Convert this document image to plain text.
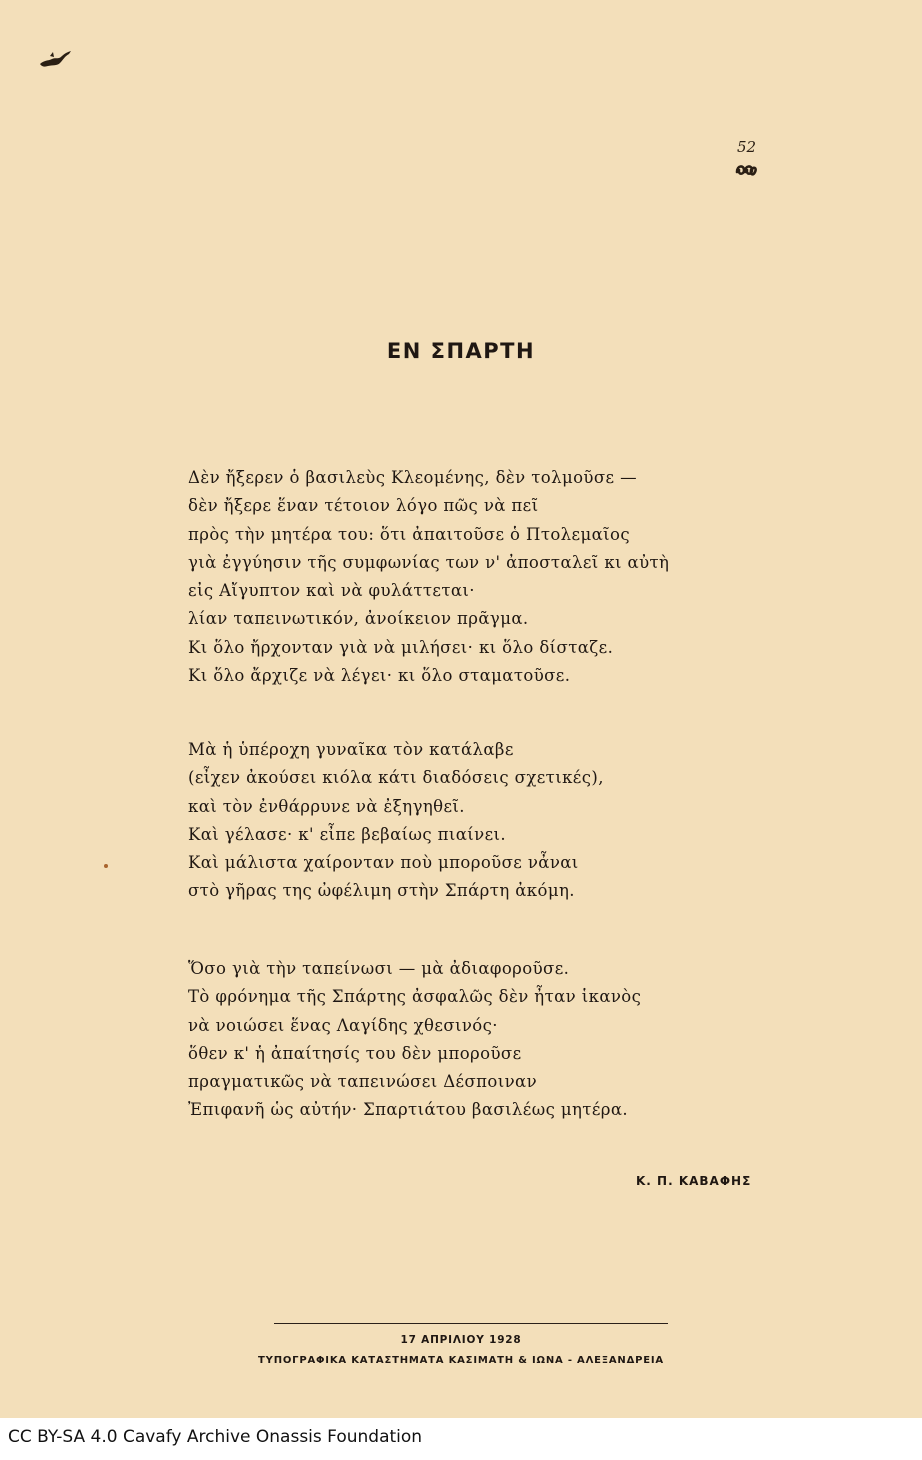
52
ΕΝ ΣΠΑΡΤΗ
Δὲν ἤξερεν ὁ βασιλεὺς Κλεομένης, δὲν τολμοῦσε —
δὲν ἤξερε ἕναν τέτοιον λόγο πῶς νὰ πεῖ
πρὸς τὴν μητέρα του: ὅτι ἀπαιτοῦσε ὁ Πτολεμαῖος
γιὰ ἐγγύησιν τῆς συμφωνίας των ν' ἀποσταλεῖ κι αὐτὴ
εἰς Αἴγυπτον καὶ νὰ φυλάττεται·
λίαν ταπεινωτικόν, ἀνοίκειον πρᾶγμα.
Κι ὅλο ἤρχονταν γιὰ νὰ μιλήσει· κι ὅλο δίσταζε.
Κι ὅλο ἄρχιζε νὰ λέγει· κι ὅλο σταματοῦσε.
Μὰ ἡ ὑπέροχη γυναῖκα τὸν κατάλαβε
(εἶχεν ἀκούσει κιόλα κάτι διαδόσεις σχετικές),
καὶ τὸν ἐνθάρρυνε νὰ ἐξηγηθεῖ.
Καὶ γέλασε· κ' εἶπε βεβαίως πιαίνει.
Καὶ μάλιστα χαίρονταν ποὺ μποροῦσε νἆναι
στὸ γῆρας της ὠφέλιμη στὴν Σπάρτη ἀκόμη.
Ὅσο γιὰ τὴν ταπείνωσι — μὰ ἀδιαφοροῦσε.
Τὸ φρόνημα τῆς Σπάρτης ἀσφαλῶς δὲν ἦταν ἱκανὸς
νὰ νοιώσει ἕνας Λαγίδης χθεσινός·
ὅθεν κ' ἡ ἀπαίτησίς του δὲν μποροῦσε
πραγματικῶς νὰ ταπεινώσει Δέσποιναν
Ἐπιφανῆ ὡς αὐτήν· Σπαρτιάτου βασιλέως μητέρα.
Κ. Π. ΚΑΒΑΦΗΣ
17 ΑΠΡΙΛΙΟΥ 1928
ΤΥΠΟΓΡΑΦΙΚΑ ΚΑΤΑΣΤΗΜΑΤΑ ΚΑΣΙΜΑΤΗ & ΙΩΝΑ - ΑΛΕΞΑΝΔΡΕΙΑ
CC BY-SA 4.0 Cavafy Archive Onassis Foundation
